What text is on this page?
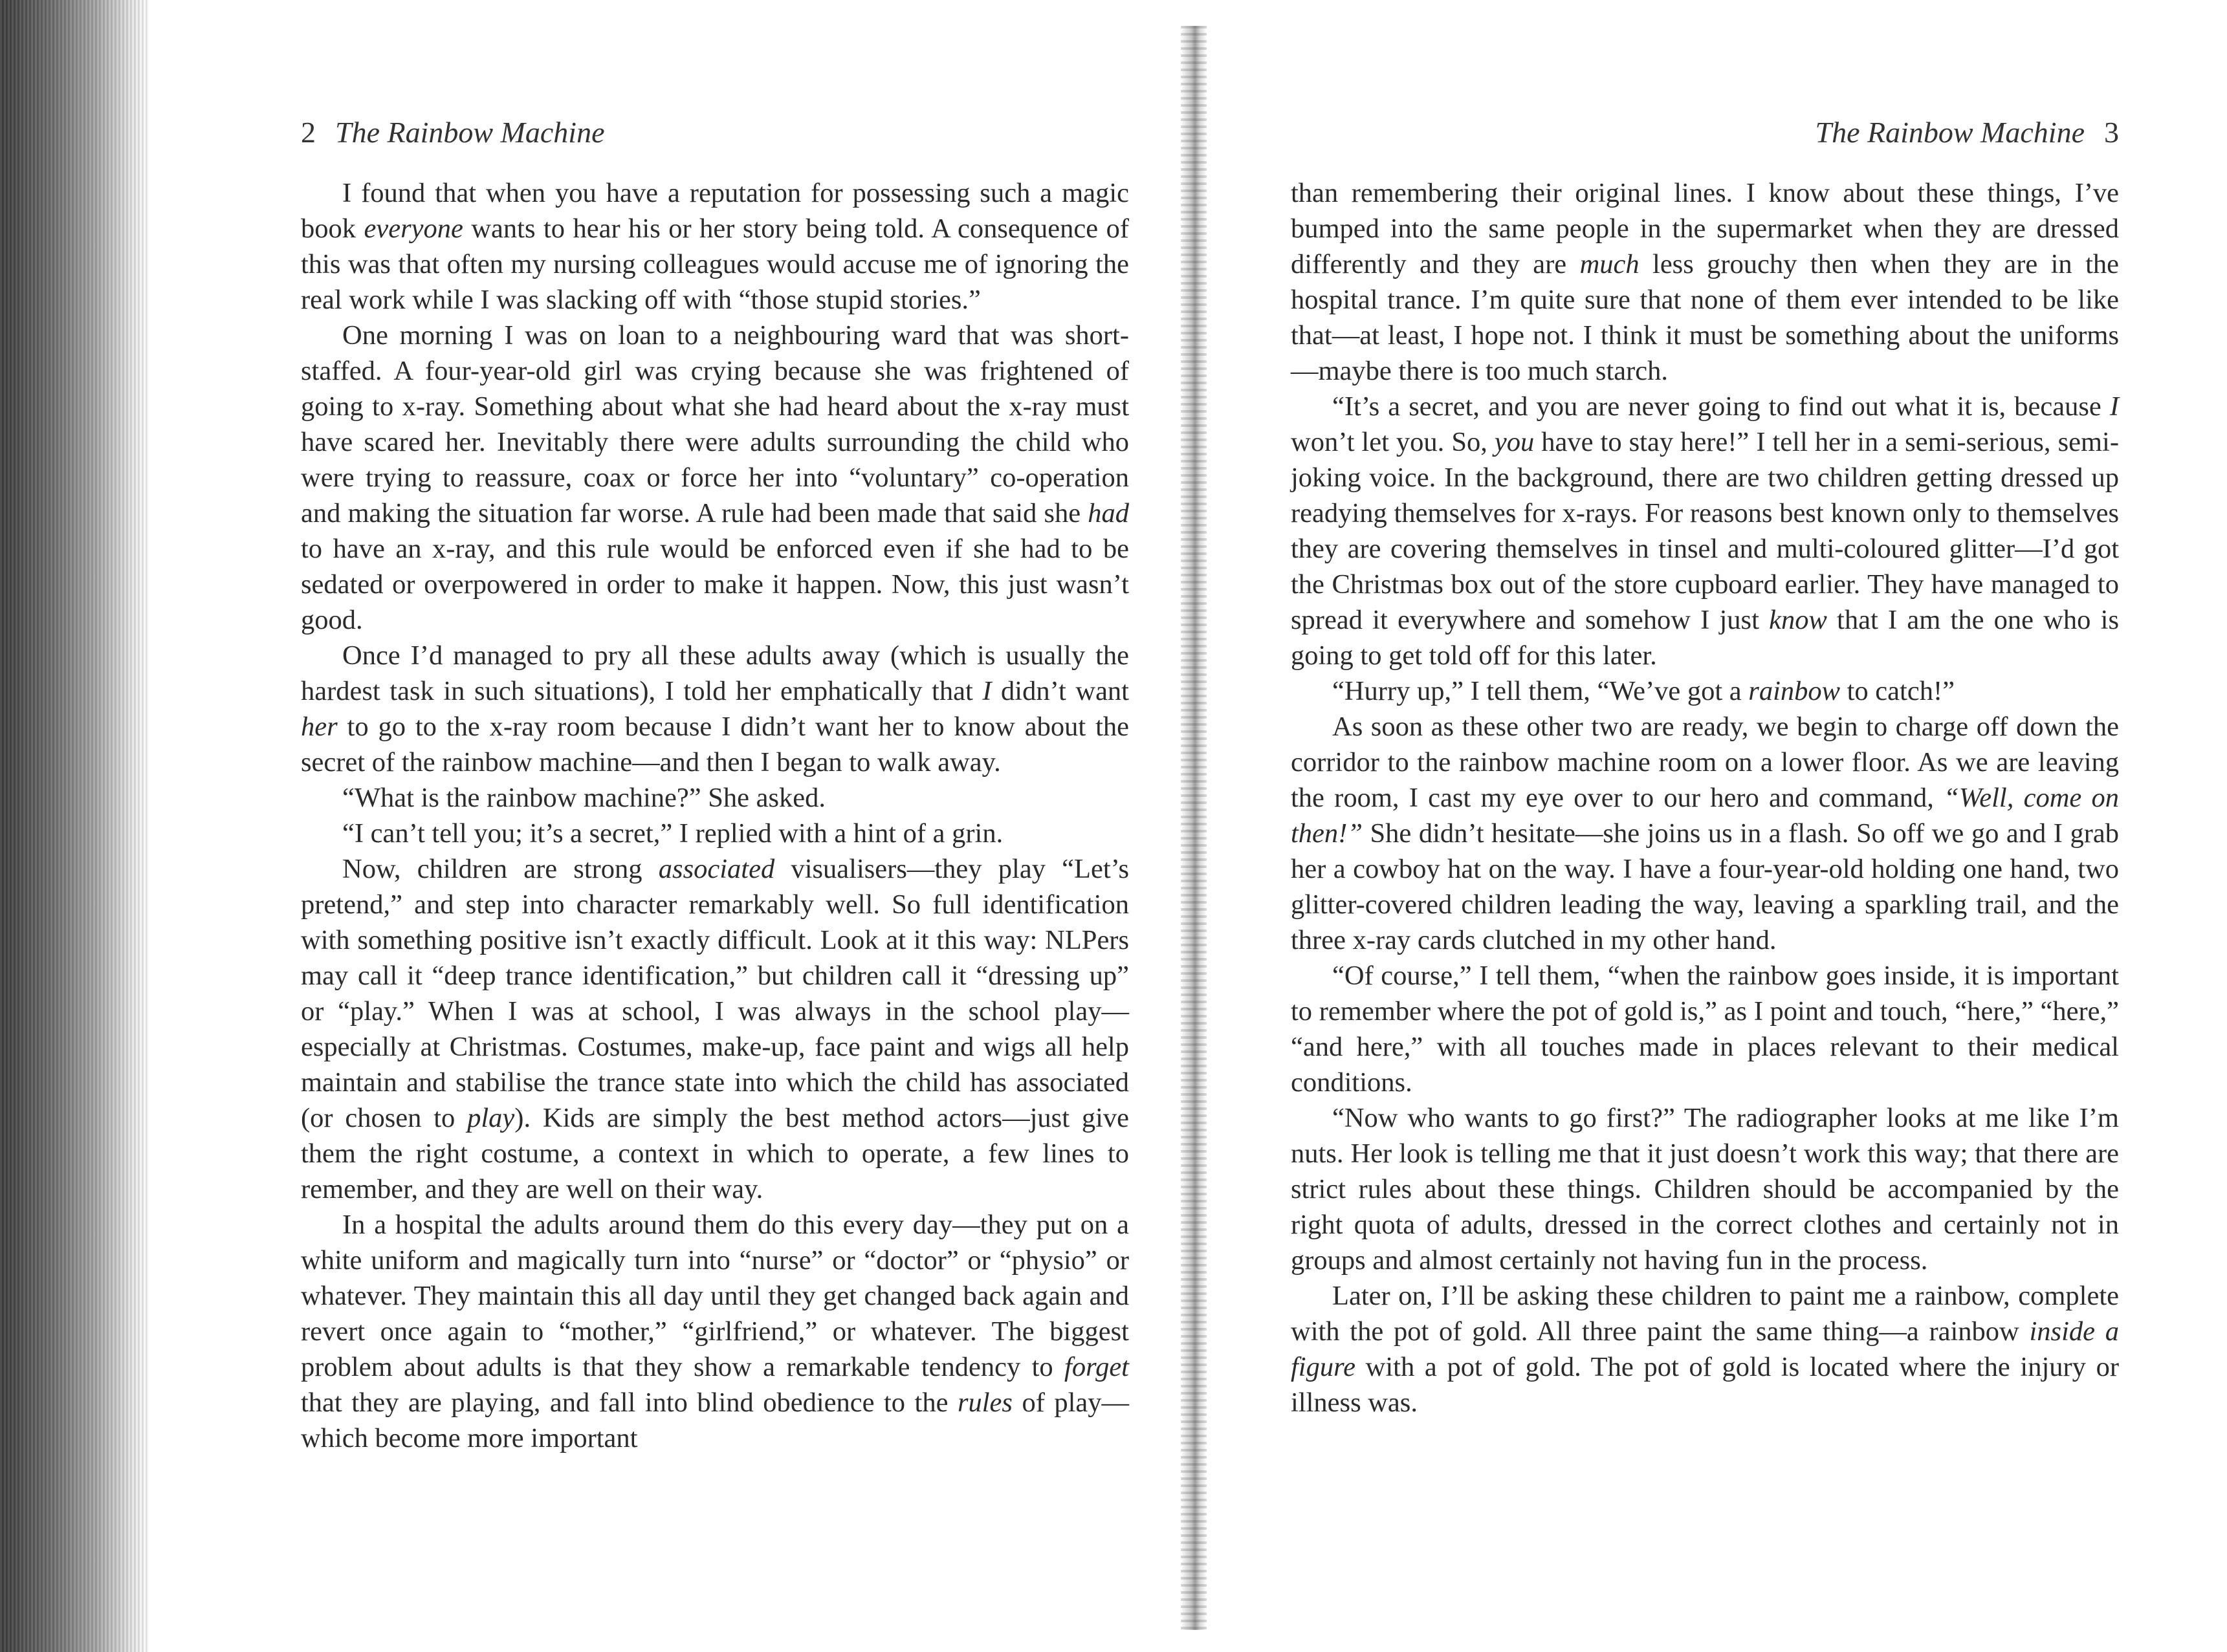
2 The Rainbow Machine

I found that when you have a reputation for possessing such a magic book everyone wants to hear his or her story being told. A consequence of this was that often my nursing colleagues would accuse me of ignoring the real work while I was slacking off with “those stupid stories.”

One morning I was on loan to a neighbouring ward that was short-staffed. A four-year-old girl was crying because she was frightened of going to x-ray. Something about what she had heard about the x-ray must have scared her. Inevitably there were adults surrounding the child who were trying to reassure, coax or force her into “voluntary” co-operation and making the situation far worse. A rule had been made that said she had to have an x-ray, and this rule would be enforced even if she had to be sedated or overpowered in order to make it happen. Now, this just wasn’t good.

Once I’d managed to pry all these adults away (which is usually the hardest task in such situations), I told her emphatically that I didn’t want her to go to the x-ray room because I didn’t want her to know about the secret of the rainbow machine—and then I began to walk away.

“What is the rainbow machine?” She asked.

“I can’t tell you; it’s a secret,” I replied with a hint of a grin.

Now, children are strong associated visualisers—they play “Let’s pretend,” and step into character remarkably well. So full identification with something positive isn’t exactly difficult. Look at it this way: NLPers may call it “deep trance identification,” but children call it “dressing up” or “play.” When I was at school, I was always in the school play—especially at Christmas. Costumes, make-up, face paint and wigs all help maintain and stabilise the trance state into which the child has associated (or chosen to play). Kids are simply the best method actors—just give them the right costume, a context in which to operate, a few lines to remember, and they are well on their way.

In a hospital the adults around them do this every day—they put on a white uniform and magically turn into “nurse” or “doctor” or “physio” or whatever. They maintain this all day until they get changed back again and revert once again to “mother,” “girlfriend,” or whatever. The biggest problem about adults is that they show a remarkable tendency to forget that they are playing, and fall into blind obedience to the rules of play—which become more important

The Rainbow Machine 3

than remembering their original lines. I know about these things, I’ve bumped into the same people in the supermarket when they are dressed differently and they are much less grouchy then when they are in the hospital trance. I’m quite sure that none of them ever intended to be like that—at least, I hope not. I think it must be something about the uniforms—maybe there is too much starch.

“It’s a secret, and you are never going to find out what it is, because I won’t let you. So, you have to stay here!” I tell her in a semi-serious, semi-joking voice. In the background, there are two children getting dressed up readying themselves for x-rays. For reasons best known only to themselves they are covering themselves in tinsel and multi-coloured glitter—I’d got the Christmas box out of the store cupboard earlier. They have managed to spread it everywhere and somehow I just know that I am the one who is going to get told off for this later.

“Hurry up,” I tell them, “We’ve got a rainbow to catch!”

As soon as these other two are ready, we begin to charge off down the corridor to the rainbow machine room on a lower floor. As we are leaving the room, I cast my eye over to our hero and command, “Well, come on then!” She didn’t hesitate—she joins us in a flash. So off we go and I grab her a cowboy hat on the way. I have a four-year-old holding one hand, two glitter-covered children leading the way, leaving a sparkling trail, and the three x-ray cards clutched in my other hand.

“Of course,” I tell them, “when the rainbow goes inside, it is important to remember where the pot of gold is,” as I point and touch, “here,” “here,” “and here,” with all touches made in places relevant to their medical conditions.

“Now who wants to go first?” The radiographer looks at me like I’m nuts. Her look is telling me that it just doesn’t work this way; that there are strict rules about these things. Children should be accompanied by the right quota of adults, dressed in the correct clothes and certainly not in groups and almost certainly not having fun in the process.

Later on, I’ll be asking these children to paint me a rainbow, complete with the pot of gold. All three paint the same thing—a rainbow inside a figure with a pot of gold. The pot of gold is located where the injury or illness was.
